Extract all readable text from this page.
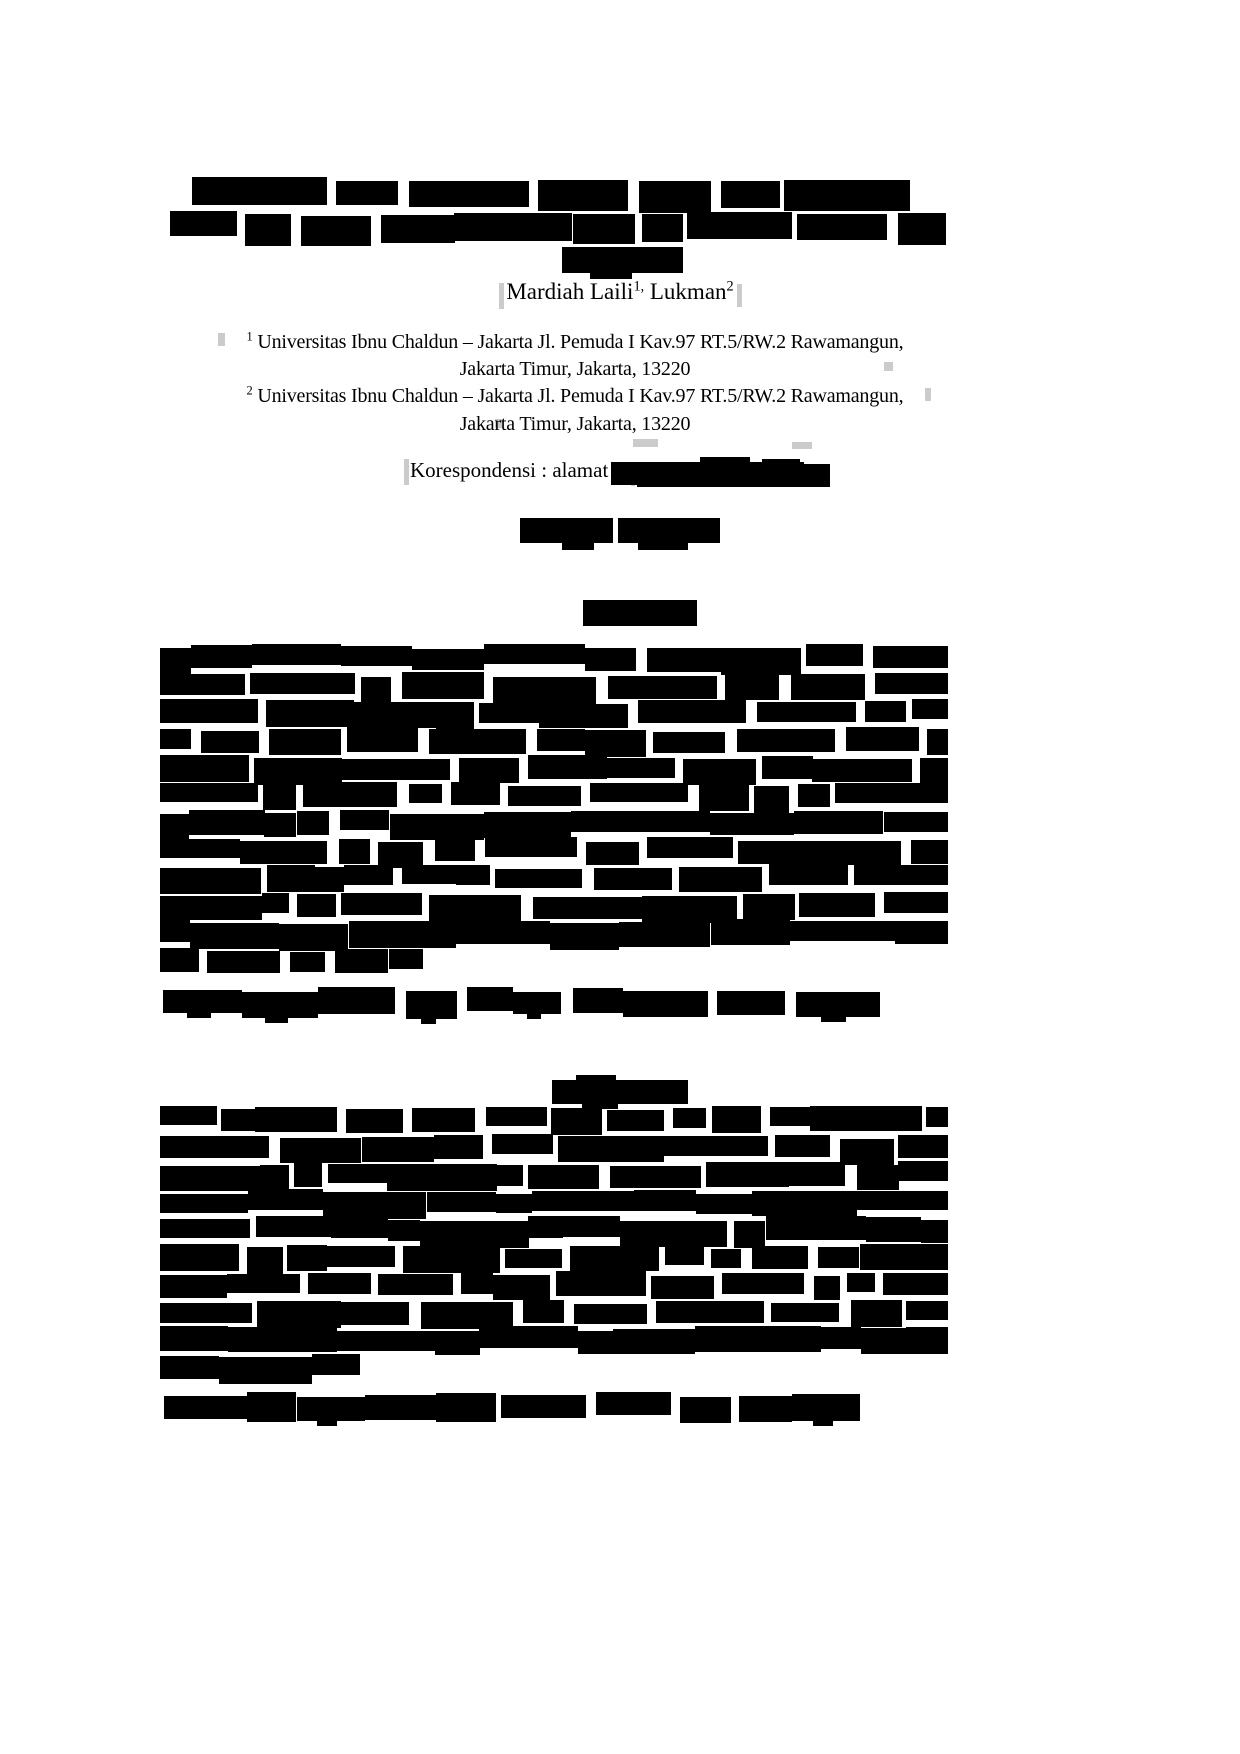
Mardiah Laili$^{1,}$ Lukman$^2$
$^1$ Universitas Ibnu Chaldun – Jakarta Jl. Pemuda I Kav.97 RT.5/RW.2 Rawamangun,
Jakarta Timur, Jakarta, 13220
$^2$ Universitas Ibnu Chaldun – Jakarta Jl. Pemuda I Kav.97 RT.5/RW.2 Rawamangun,
Jakarta Timur, Jakarta, 13220
Korespondensi : alamat
